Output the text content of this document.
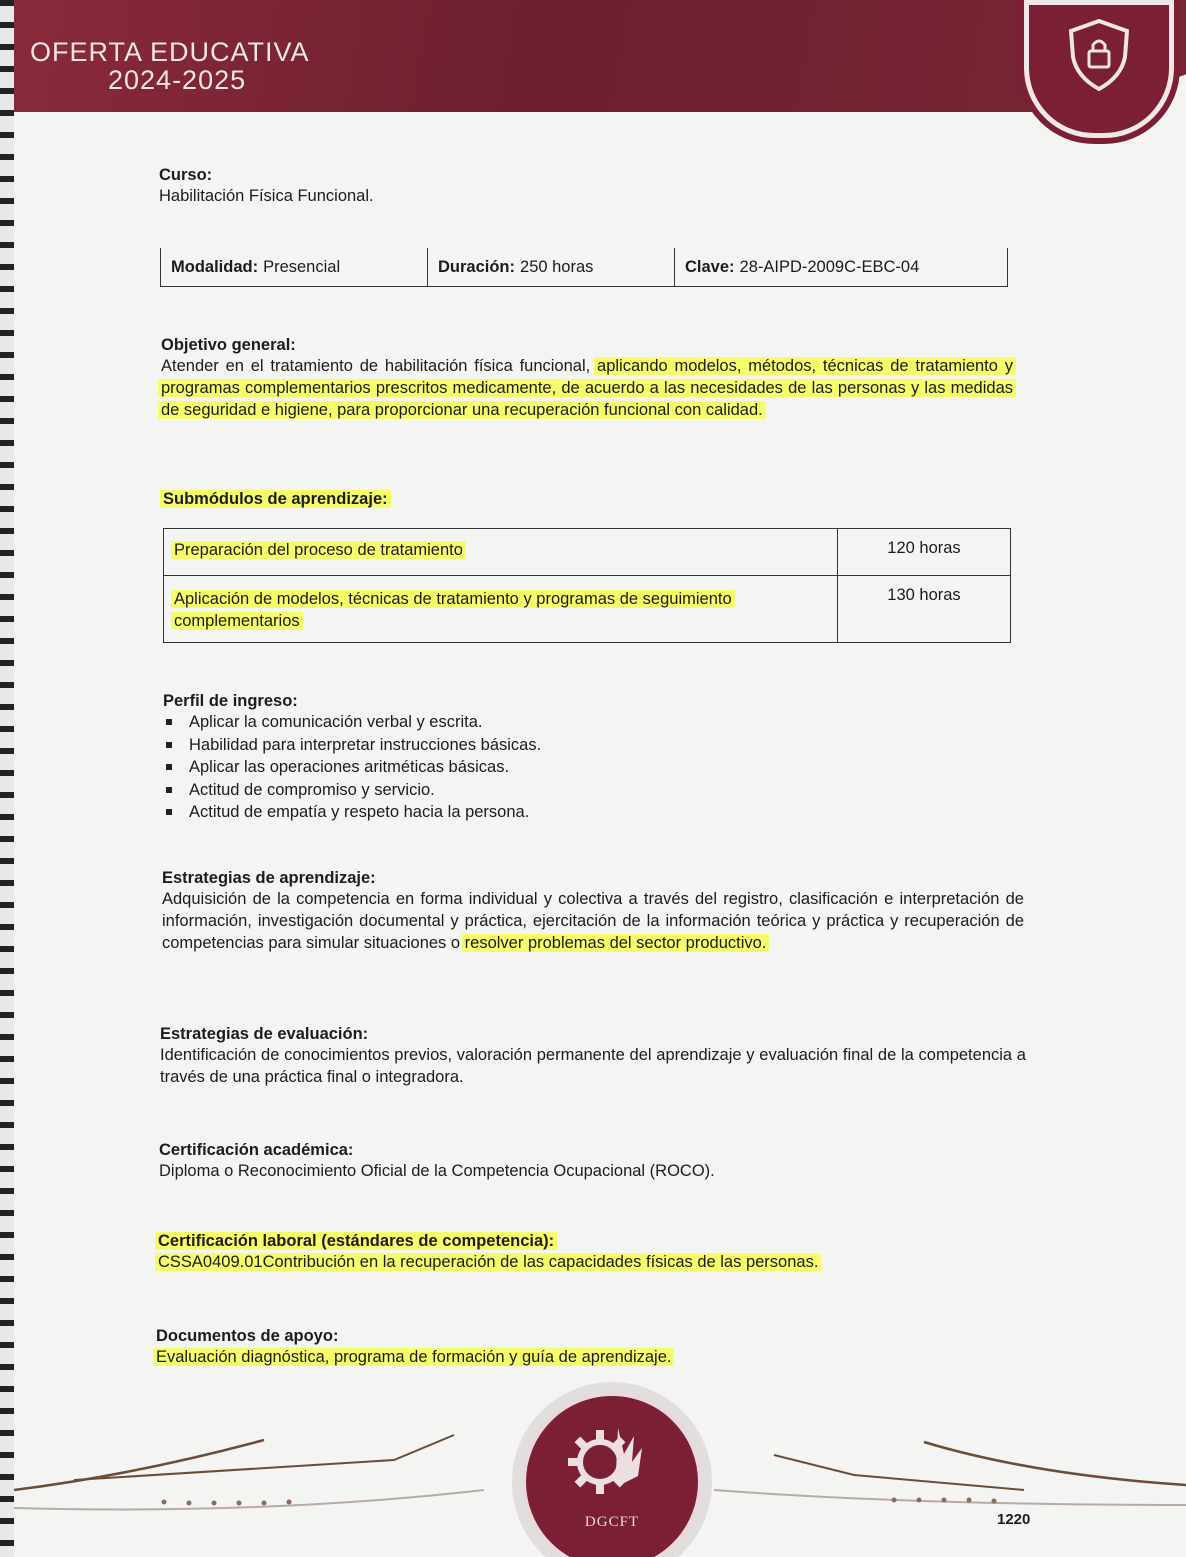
OFERTA EDUCATIVA
2024-2025
Curso:
Habilitación Física Funcional.
Modalidad: Presencial	Duración: 250 horas	Clave: 28-AIPD-2009C-EBC-04
Objetivo general:
Atender en el tratamiento de habilitación física funcional, aplicando modelos, métodos, técnicas de tratamiento y programas complementarios prescritos medicamente, de acuerdo a las necesidades de las personas y las medidas de seguridad e higiene, para proporcionar una recuperación funcional con calidad.
Submódulos de aprendizaje:
Preparación del proceso de tratamiento	120 horas
Aplicación de modelos, técnicas de tratamiento y programas de seguimiento complementarios	130 horas
Perfil de ingreso:
Aplicar la comunicación verbal y escrita.
Habilidad para interpretar instrucciones básicas.
Aplicar las operaciones aritméticas básicas.
Actitud de compromiso y servicio.
Actitud de empatía y respeto hacia la persona.
Estrategias de aprendizaje:
Adquisición de la competencia en forma individual y colectiva a través del registro, clasificación e interpretación de información, investigación documental y práctica, ejercitación de la información teórica y práctica y recuperación de competencias para simular situaciones o resolver problemas del sector productivo.
Estrategias de evaluación:
Identificación de conocimientos previos, valoración permanente del aprendizaje y evaluación final de la competencia a través de una práctica final o integradora.
Certificación académica:
Diploma o Reconocimiento Oficial de la Competencia Ocupacional (ROCO).
Certificación laboral (estándares de competencia):
CSSA0409.01Contribución en la recuperación de las capacidades físicas de las personas.
Documentos de apoyo:
Evaluación diagnóstica, programa de formación y guía de aprendizaje.
DGCFT	1220
